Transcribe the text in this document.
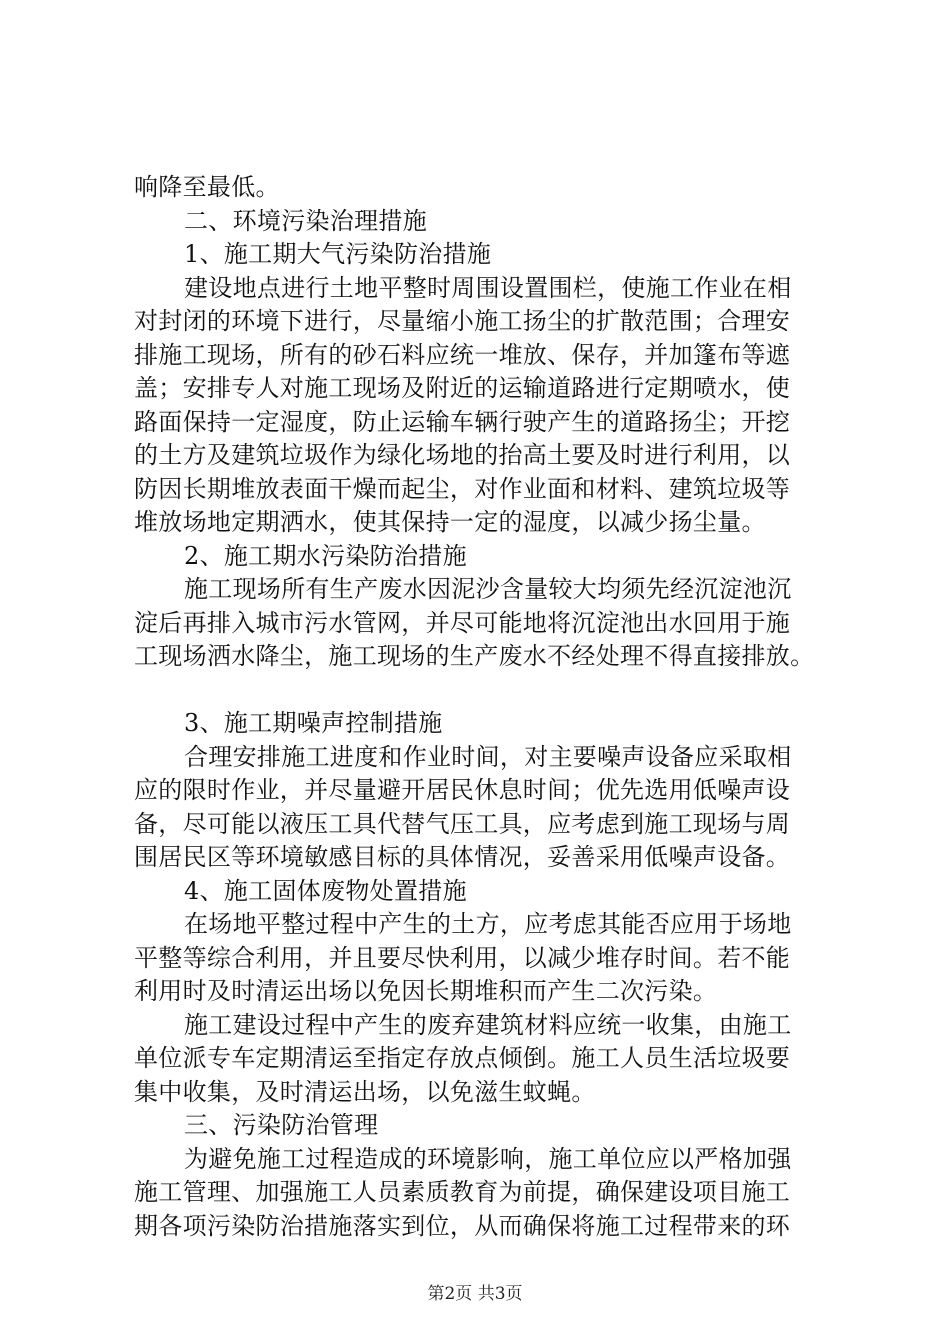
响降至最低。
二、环境污染治理措施
1、施工期大气污染防治措施
建设地点进行土地平整时周围设置围栏，使施工作业在相
对封闭的环境下进行，尽量缩小施工扬尘的扩散范围；合理安
排施工现场，所有的砂石料应统一堆放、保存，并加篷布等遮
盖；安排专人对施工现场及附近的运输道路进行定期喷水，使
路面保持一定湿度，防止运输车辆行驶产生的道路扬尘；开挖
的土方及建筑垃圾作为绿化场地的抬高土要及时进行利用，以
防因长期堆放表面干燥而起尘，对作业面和材料、建筑垃圾等
堆放场地定期洒水，使其保持一定的湿度，以减少扬尘量。
2、施工期水污染防治措施
施工现场所有生产废水因泥沙含量较大均须先经沉淀池沉
淀后再排入城市污水管网，并尽可能地将沉淀池出水回用于施
工现场洒水降尘，施工现场的生产废水不经处理不得直接排放。
3、施工期噪声控制措施
合理安排施工进度和作业时间，对主要噪声设备应采取相
应的限时作业，并尽量避开居民休息时间；优先选用低噪声设
备，尽可能以液压工具代替气压工具，应考虑到施工现场与周
围居民区等环境敏感目标的具体情况，妥善采用低噪声设备。
4、施工固体废物处置措施
在场地平整过程中产生的土方，应考虑其能否应用于场地
平整等综合利用，并且要尽快利用，以减少堆存时间。若不能
利用时及时清运出场以免因长期堆积而产生二次污染。
施工建设过程中产生的废弃建筑材料应统一收集，由施工
单位派专车定期清运至指定存放点倾倒。施工人员生活垃圾要
集中收集，及时清运出场，以免滋生蚊蝇。
三、污染防治管理
为避免施工过程造成的环境影响，施工单位应以严格加强
施工管理、加强施工人员素质教育为前提，确保建设项目施工
期各项污染防治措施落实到位，从而确保将施工过程带来的环
第2页 共3页
